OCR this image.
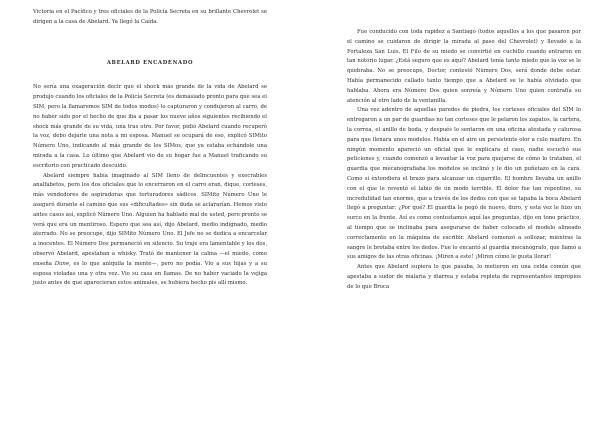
Victoria en el Pacífico y tres oficiales de la Policía Secreta en su brillante Chevrolet se dirigen a la casa de Abelard. Ya llegó la Caída.

ABELARD ENCADENADO

No sería una exageración decir que el shock más grande de la vida de Abelard se produjo cuando los oficiales de la Policía Secreta (es demasiado pronto para que sea el SIM, pero la llamaremos SIM de todos modos) lo capturaron y condujeron al carro, de no haber sido por el hecho de que iba a pasar los nueve años siguientes recibiendo el shock más grande de su vida, una tras otro. Por favor, pidió Abelard cuando recuperó la voz, debo dejarle una nota a mi esposa. Manuel se ocupará de eso, explicó SIMito Número Uno, indicando al más grande de los SIMos, que ya estaba echándole una mirada a la casa. Lo último que Abelard vio de su hogar fue a Manuel traficando su escritorio con practicado descuido.

Abelard siempre había imaginado al SIM lleno de delincuentes y execrables analfabetos, pero los dos oficiales que lo encerraron en el carro eran, dique, corteses, más vendedores de aspiradoras que torturadores sádicos. SIMito Número Uno le aseguró durante el camino que sus «dificultades» sin duda se aclararían. Hemos visto antes casos así, explicó Número Uno. Alguien ha hablado mal de usted, pero pronto se verá que era un mentiroso. Espero que sea así, dijo Abelard, medio indignado, medio aterrado. No se preocupe, dijo SIMito Número Uno. El Jefe no se dedica a encarcelar a inocentes. El Número Dos permaneció en silencio. Su traje era lamentable y los dos, observó Abelard, apestaban a whisky. Trató de mantener la calma —el miedo, como enseña Dune, es lo que aniquila la mente—, pero no podía. Vio a sus hijas y a su esposa violadas una y otra vez. Vio su casa en llamas. De no haber vaciado la vejiga justo antes de que aparecieran estos animales, se hubiera hecho pis allí mismo.

Fue conducido con toda rapidez a Santiago (todos aquellos a los que pasaron por el camino se cuidaron de dirigir la mirada al paso del Chevrolet) y llevado a la Fortaleza San Luis. El Filo de su miedo se convirtió en cuchillo cuando entraron en tan notorio lugar. ¿Está seguro que es aquí? Abelard tenía tanto miedo que la voz se le quebraba. No se preocupe, Doctor, contestó Número Dos, será donde debe estar. Había permanecido callado tanto tiempo que a Abelard se le había olvidado que hablaba. Ahora era Número Dos quien sonreía y Número Uno quien contrafía su atención al otro lado de la ventanilla.

Una vez adentro de aquellas paredes de piedra, los corteses oficiales del SIM lo entregaron a un par de guardias no tan corteses que le pelaron los zapatos, la cartera, la correa, el anillo de boda, y después lo sentaron en una oficina atestada y calurosa para que llenara unos modelos. Había en el aire un persistente olor a culo maduro. En ningún momento apareció un oficial que le explicara el caso, nadie escuchó sus peticiones y, cuando comenzó a levantar la voz para quejarse de cómo lo trataban, el guardia que mecanografiaba los modelos se inclinó y le dio un puñetazo en la cara. Como si extendiera el brazo para alcanzar un cigarrillo. El hombre llevaba un anillo con el que le reventó el labio de un modo terrible. El dolor fue tan repentino, su incredulidad tan enorme, que a través de los dedos con que se tapaba la boca Abelard llegó a preguntar: ¿Por qué? El guardia le pegó de nuevo, duro, y esta vez le hizo un surco en la frente. Así es como contestamos aquí las preguntas, dijo en tono práctico, al tiempo que se inclinaba para asegurarse de haber colocado el modelo alineado correctamente en la máquina de escribir. Abelard comenzó a sollozar, mientras la sangre le brotaba entre los dedos. Fue lo encantó al guardia mecanógrafo, que llamó a sus amigos de las otras oficinas. ¡Miren a este! ¡Miren cómo le gusta llorar!

Antes que Abelard supiera lo que pasaba, lo metieron en una celda común que apestaba a sudor de malaria y diarrea y estaba repleta de representantes impropios de lo que Broca
